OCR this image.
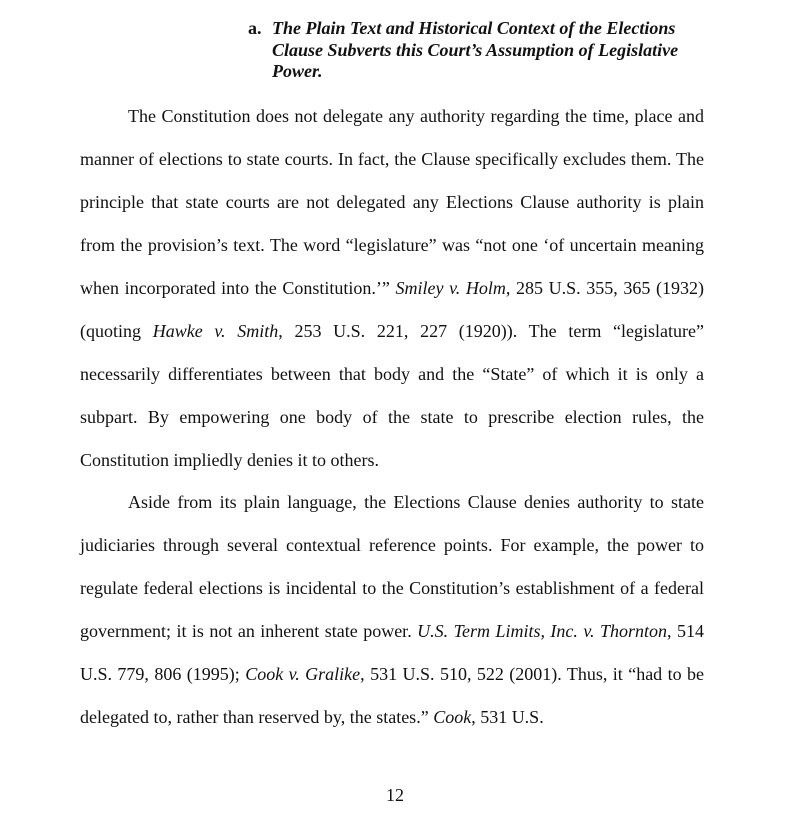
a. The Plain Text and Historical Context of the Elections Clause Subverts this Court’s Assumption of Legislative Power.

The Constitution does not delegate any authority regarding the time, place and manner of elections to state courts. In fact, the Clause specifically excludes them. The principle that state courts are not delegated any Elections Clause authority is plain from the provision’s text. The word “legislature” was “not one ‘of uncertain meaning when incorporated into the Constitution.’” Smiley v. Holm, 285 U.S. 355, 365 (1932) (quoting Hawke v. Smith, 253 U.S. 221, 227 (1920)). The term “legislature” necessarily differentiates between that body and the “State” of which it is only a subpart. By empowering one body of the state to prescribe election rules, the Constitution impliedly denies it to others.

Aside from its plain language, the Elections Clause denies authority to state judiciaries through several contextual reference points. For example, the power to regulate federal elections is incidental to the Constitution’s establishment of a federal government; it is not an inherent state power. U.S. Term Limits, Inc. v. Thornton, 514 U.S. 779, 806 (1995); Cook v. Gralike, 531 U.S. 510, 522 (2001). Thus, it “had to be delegated to, rather than reserved by, the states.” Cook, 531 U.S.

12
